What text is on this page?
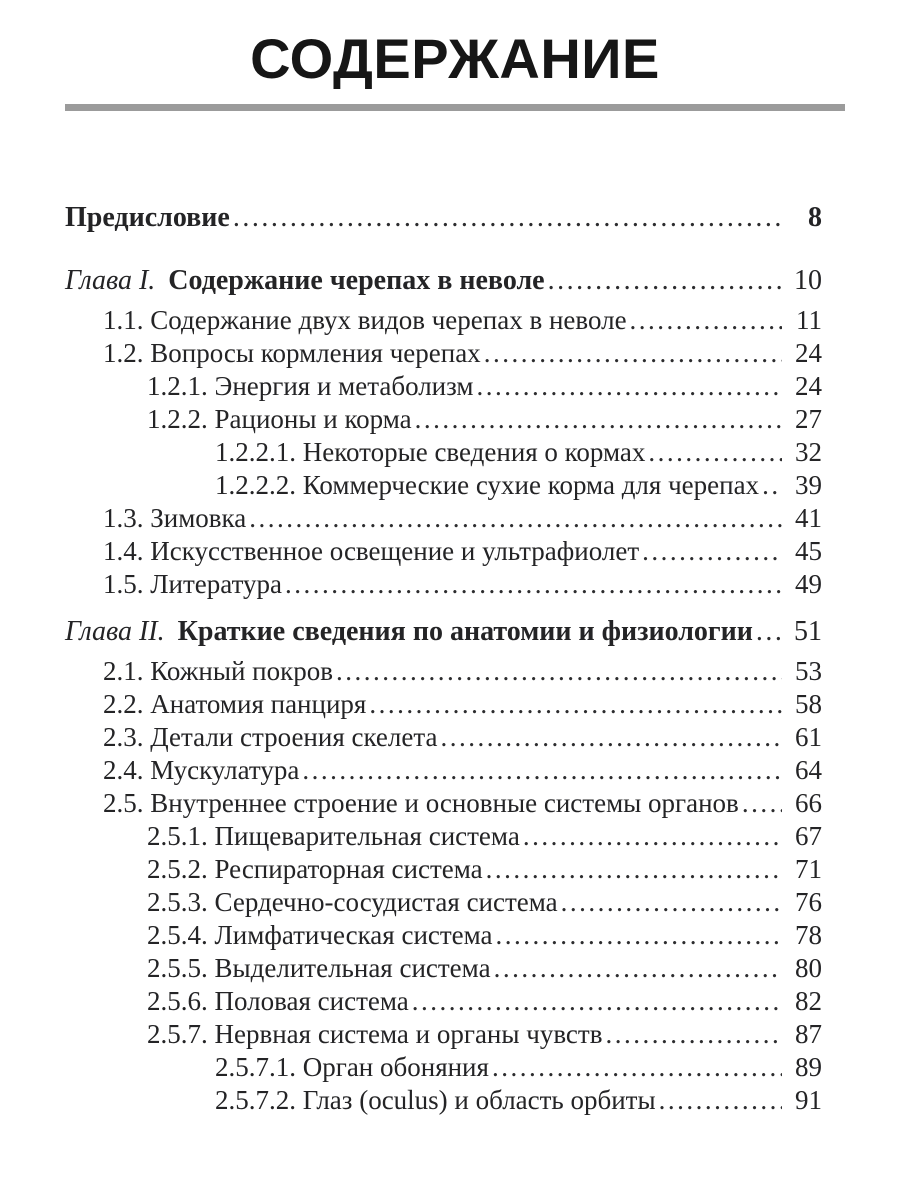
СОДЕРЖАНИЕ
Предисловие .....	8
Глава I. Содержание черепах в неволе .....	10
1.1. Содержание двух видов черепах в неволе .....	11
1.2. Вопросы кормления черепах .....	24
1.2.1. Энергия и метаболизм .....	24
1.2.2. Рационы и корма .....	27
1.2.2.1. Некоторые сведения о кормах .....	32
1.2.2.2. Коммерческие сухие корма для черепах ..... 39
1.3. Зимовка .....	41
1.4. Искусственное освещение и ультрафиолет .....	45
1.5. Литература .....	49
Глава II. Краткие сведения по анатомии и физиологии ..... 51
2.1. Кожный покров .....	53
2.2. Анатомия панциря .....	58
2.3. Детали строения скелета .....	61
2.4. Мускулатура .....	64
2.5. Внутреннее строение и основные системы органов ..... 66
2.5.1. Пищеварительная система .....	67
2.5.2. Респираторная система .....	71
2.5.3. Сердечно-сосудистая система .....	76
2.5.4. Лимфатическая система .....	78
2.5.5. Выделительная система .....	80
2.5.6. Половая система .....	82
2.5.7. Нервная система и органы чувств .....	87
2.5.7.1. Орган обоняния .....	89
2.5.7.2. Глаз (oculus) и область орбиты .....	91
